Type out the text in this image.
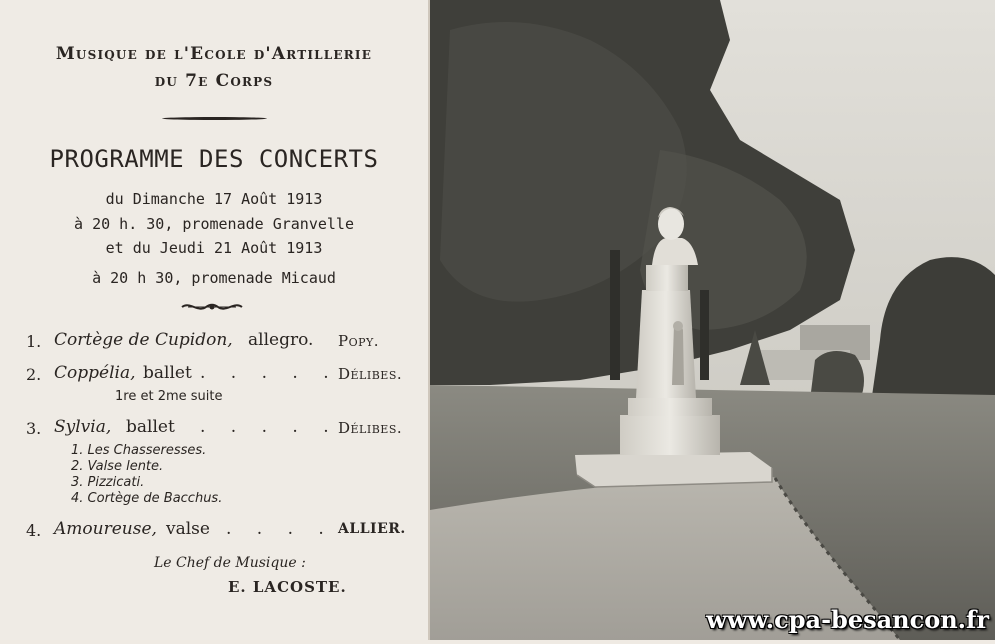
Musique de l'Ecole d'Artillerie
du 7e Corps
PROGRAMME DES CONCERTS
du Dimanche 17 Août 1913
à 20 h. 30, promenade Granvelle
et du Jeudi 21 Août 1913
à 20 h 30, promenade Micaud
1. Cortège de Cupidon, allegro. Popy.
2. Coppélia, ballet . . . . . Délibes.
1re et 2me suite
3. Sylvia, ballet . . . . . Délibes.
1. Les Chasseresses.
2. Valse lente.
3. Pizzicati.
4. Cortège de Bacchus.
4. Amoureuse, valse . . . . ALLIER.
Le Chef de Musique :
E. LACOSTE.
www.cpa-besancon.fr
